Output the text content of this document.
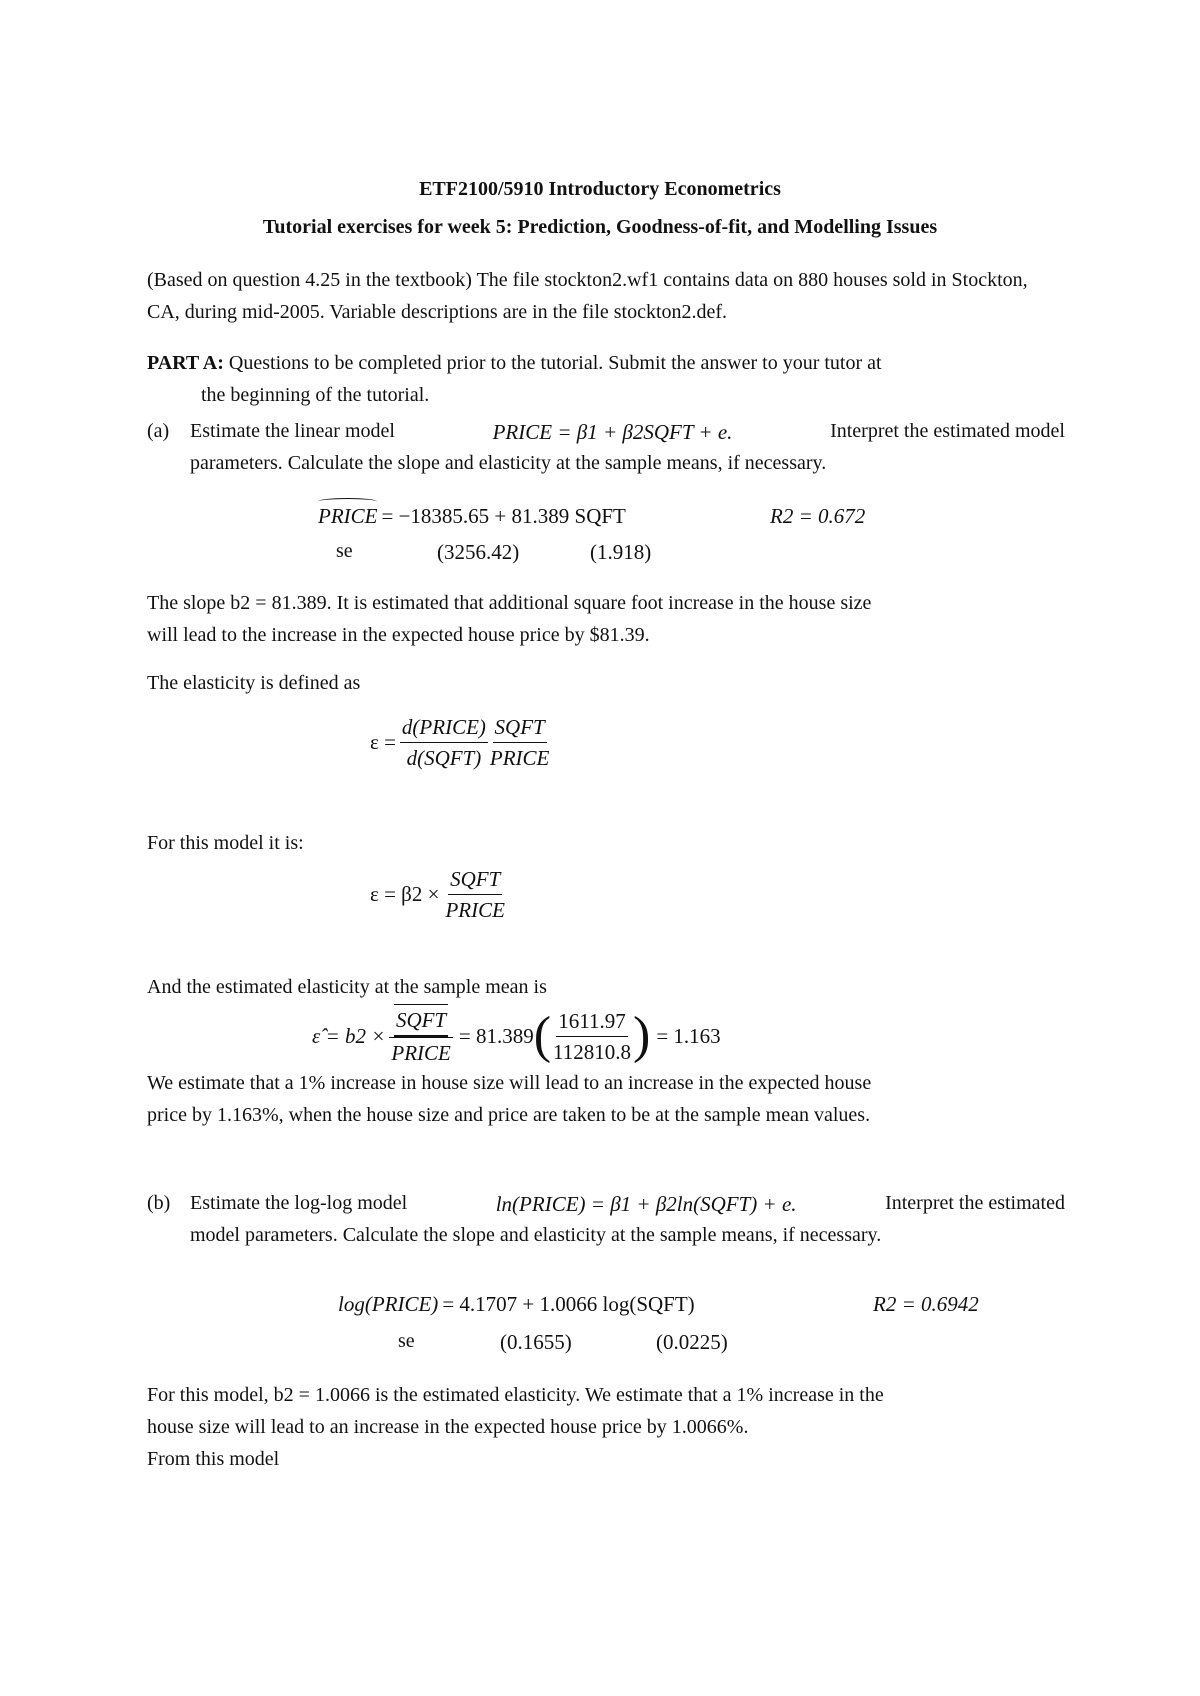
ETF2100/5910 Introductory Econometrics
Tutorial exercises for week 5: Prediction, Goodness-of-fit, and Modelling Issues
(Based on question 4.25 in the textbook) The file stockton2.wf1 contains data on 880 houses sold in Stockton, CA, during mid-2005. Variable descriptions are in the file stockton2.def.
PART A: Questions to be completed prior to the tutorial. Submit the answer to your tutor at
the beginning of the tutorial.
(a) Estimate the linear model	PRICE = β1 + β2SQFT + e.	Interpret the estimated model
parameters. Calculate the slope and elasticity at the sample means, if necessary.
PRICE = −18385.65 + 81.389 SQFT	R2 = 0.672
se	(3256.42)	(1.918)
The slope b2 = 81.389. It is estimated that additional square foot increase in the house size
will lead to the increase in the expected house price by $81.39.
The elasticity is defined as
$\varepsilon = \frac{\text{d(PRICE)}}{\text{d(SQFT)}} \frac{\text{SQFT}}{\text{PRICE}}$
For this model it is:
$\varepsilon = \beta 2 \times \frac{\text{SQFT}}{\text{PRICE}}$
And the estimated elasticity at the sample mean is
ε̂ = $b2 \times \frac{\text{SQFT}}{\text{PRICE}} = 81.389$ ( $\frac{1611.97}{112810.8}$ ) = 1.163
We estimate that a 1% increase in house size will lead to an increase in the expected house
price by 1.163%, when the house size and price are taken to be at the sample mean values.
(b) Estimate the log-log model	ln(PRICE) = β1 + β2ln(SQFT) + e.	Interpret the estimated
model parameters. Calculate the slope and elasticity at the sample means, if necessary.
log(PRICE) = 4.1707 + 1.0066 log(SQFT)	R2 = 0.6942
se	(0.1655)	(0.0225)
For this model, b2 = 1.0066 is the estimated elasticity. We estimate that a 1% increase in the
house size will lead to an increase in the expected house price by 1.0066%.
From this model
